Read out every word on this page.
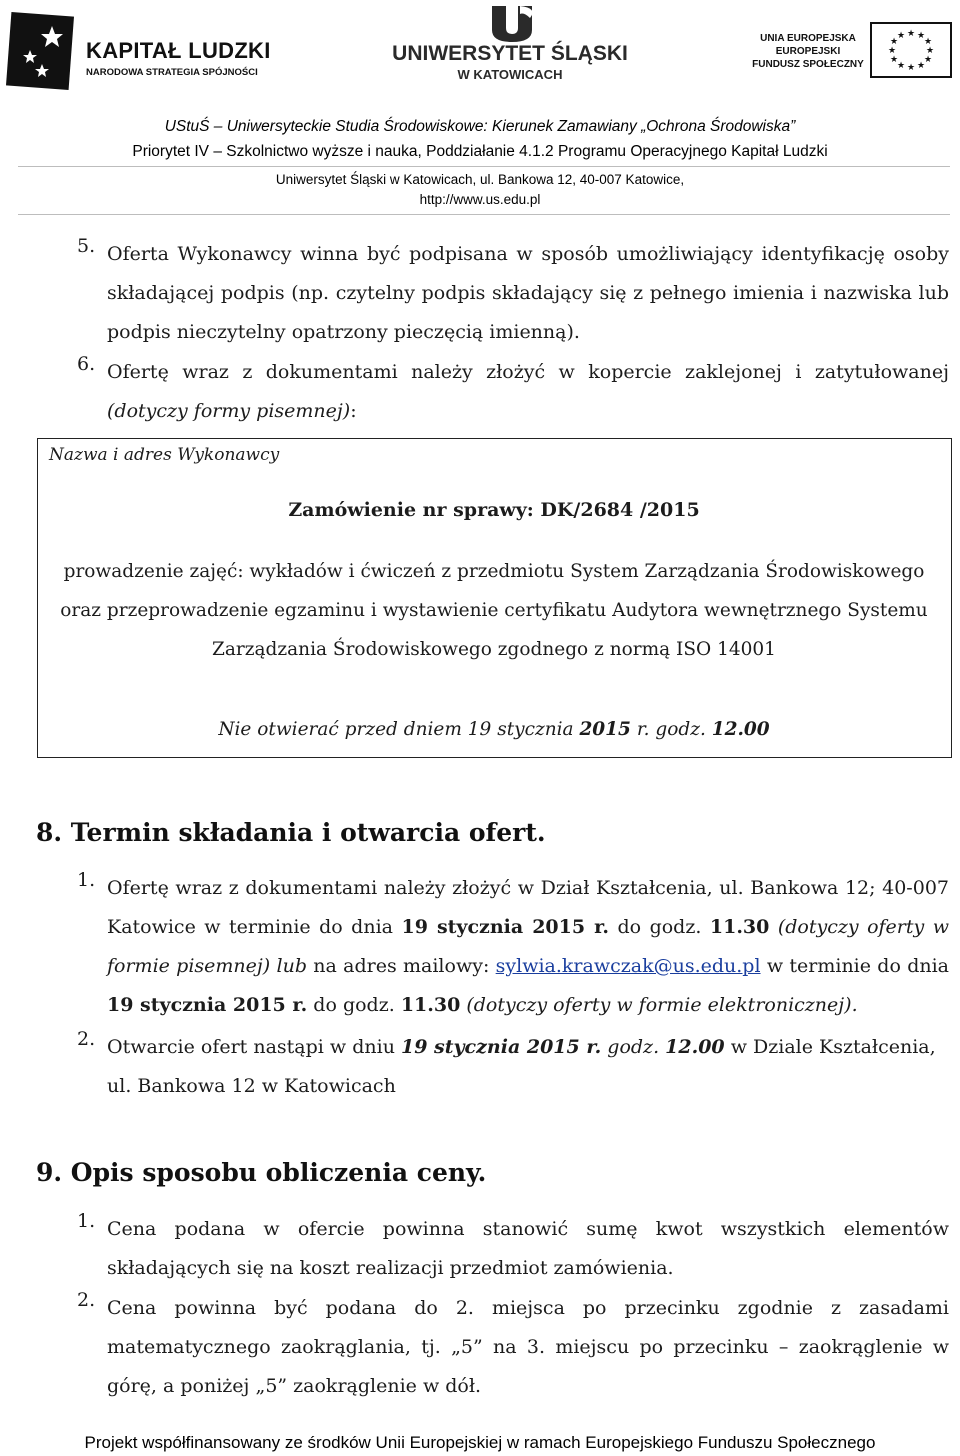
KAPITAŁ LUDZKI
NARODOWA STRATEGIA SPÓJNOŚCI
UNIWERSYTET ŚLĄSKI
W KATOWICACH
UNIA EUROPEJSKA
EUROPEJSKI
FUNDUSZ SPOŁECZNY
★ ★
★
★
★
★
★
★
★
★
★
★
UStuŚ – Uniwersyteckie Studia Środowiskowe: Kierunek Zamawiany „Ochrona Środowiska”
Priorytet IV – Szkolnictwo wyższe i nauka, Poddziałanie 4.1.2 Programu Operacyjnego Kapitał Ludzki
Uniwersytet Śląski w Katowicach, ul. Bankowa 12, 40-007 Katowice,
http://www.us.edu.pl
5. Oferta Wykonawcy winna być podpisana w sposób umożliwiający identyfikację osoby składającej podpis (np. czytelny podpis składający się z pełnego imienia i nazwiska lub podpis nieczytelny opatrzony pieczęcią imienną).
6. Ofertę wraz z dokumentami należy złożyć w kopercie zaklejonej i zatytułowanej (dotyczy formy pisemnej):
Nazwa i adres Wykonawcy
Zamówienie nr sprawy: DK/2684 /2015
prowadzenie zajęć: wykładów i ćwiczeń z przedmiotu System Zarządzania Środowiskowego
oraz przeprowadzenie egzaminu i wystawienie certyfikatu Audytora wewnętrznego Systemu
Zarządzania Środowiskowego zgodnego z normą ISO 14001
Nie otwierać przed dniem 19 stycznia 2015 r. godz. 12.00
8. Termin składania i otwarcia ofert.
1. Ofertę wraz z dokumentami należy złożyć w Dział Kształcenia, ul. Bankowa 12; 40-007 Katowice w terminie do dnia 19 stycznia 2015 r. do godz. 11.30 (dotyczy oferty w formie pisemnej) lub na adres mailowy: sylwia.krawczak@us.edu.pl w terminie do dnia 19 stycznia 2015 r. do godz. 11.30 (dotyczy oferty w formie elektronicznej).
2. Otwarcie ofert nastąpi w dniu 19 stycznia 2015 r. godz. 12.00 w Dziale Kształcenia, ul. Bankowa 12 w Katowicach
9. Opis sposobu obliczenia ceny.
1. Cena podana w ofercie powinna stanowić sumę kwot wszystkich elementów składających się na koszt realizacji przedmiot zamówienia.
2. Cena powinna być podana do 2. miejsca po przecinku zgodnie z zasadami matematycznego zaokrąglania, tj. „5” na 3. miejscu po przecinku – zaokrąglenie w górę, a poniżej „5” zaokrąglenie w dół.
Projekt współfinansowany ze środków Unii Europejskiej w ramach Europejskiego Funduszu Społecznego
